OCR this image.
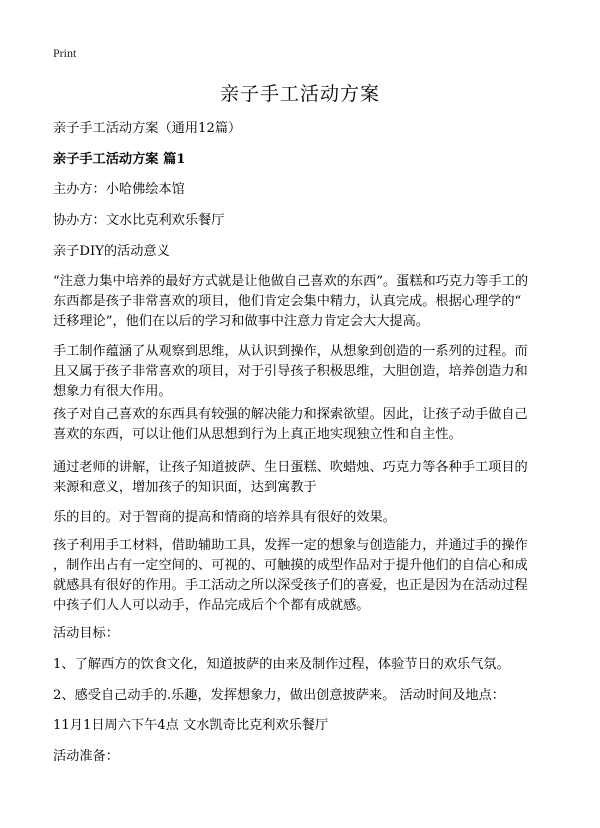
Print
亲子手工活动方案
亲子手工活动方案（通用12篇）
亲子手工活动方案 篇1
主办方：小哈佛绘本馆
协办方：文水比克利欢乐餐厅
亲子DIY的活动意义
“注意力集中培养的最好方式就是让他做自己喜欢的东西”。蛋糕和巧克力等手工的
东西都是孩子非常喜欢的项目，他们肯定会集中精力，认真完成。根据心理学的“
迁移理论”，他们在以后的学习和做事中注意力肯定会大大提高。
手工制作蕴涵了从观察到思维，从认识到操作，从想象到创造的一系列的过程。而
且又属于孩子非常喜欢的项目，对于引导孩子积极思维，大胆创造，培养创造力和
想象力有很大作用。
孩子对自己喜欢的东西具有较强的解决能力和探索欲望。因此，让孩子动手做自己
喜欢的东西，可以让他们从思想到行为上真正地实现独立性和自主性。
通过老师的讲解，让孩子知道披萨、生日蛋糕、吹蜡烛、巧克力等各种手工项目的
来源和意义，增加孩子的知识面，达到寓教于
乐的目的。对于智商的提高和情商的培养具有很好的效果。
孩子利用手工材料，借助辅助工具，发挥一定的想象与创造能力，并通过手的操作
，制作出占有一定空间的、可视的、可触摸的成型作品对于提升他们的自信心和成
就感具有很好的作用。手工活动之所以深受孩子们的喜爱，也正是因为在活动过程
中孩子们人人可以动手，作品完成后个个都有成就感。
活动目标：
1、了解西方的饮食文化，知道披萨的由来及制作过程，体验节日的欢乐气氛。
2、感受自己动手的.乐趣，发挥想象力，做出创意披萨来。 活动时间及地点：
11月1日周六下午4点 文水凯奇比克利欢乐餐厅
活动准备：
